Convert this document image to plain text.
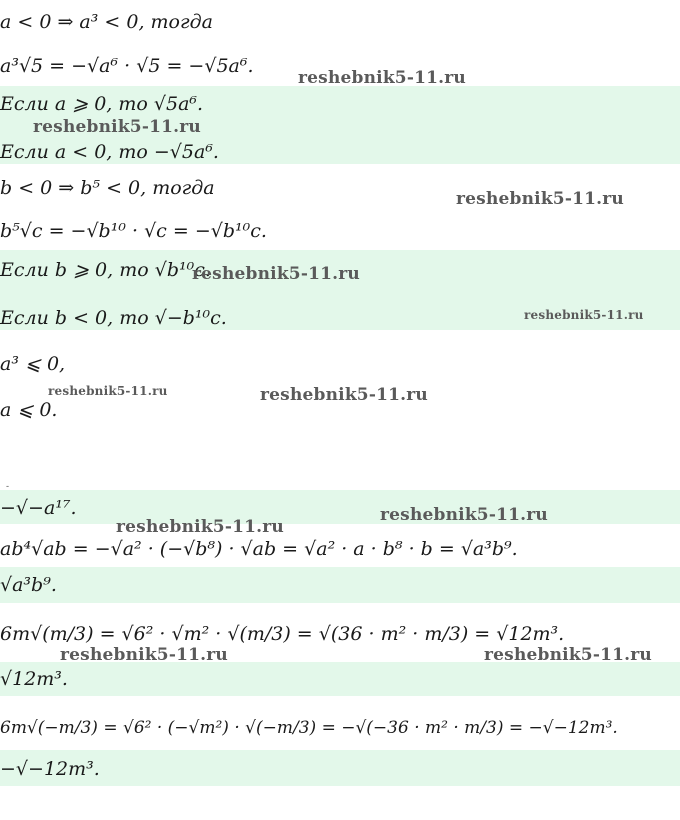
a < 0 ⇒ a³ < 0, тогда
a³√5 = −√a⁶ · √5 = −√5a⁶.
Если a ⩾ 0, то √5a⁶.
Если a < 0, то −√5a⁶.
b < 0 ⇒ b⁵ < 0, тогда
b⁵√c = −√b¹⁰ · √c = −√b¹⁰c.
Если b ⩾ 0, то √b¹⁰c.
Если b < 0, то √−b¹⁰c.
a³ ⩽ 0,
a ⩽ 0.
-
−√−a¹⁷.
ab⁴√ab = −√a² · (−√b⁸) · √ab = √a² · a · b⁸ · b = √a³b⁹.
√a³b⁹.
6m√(m/3) = √6² · √m² · √(m/3) = √(36 · m² · m/3) = √12m³.
√12m³.
6m√(−m/3) = √6² · (−√m²) · √(−m/3) = −√(−36 · m² · m/3) = −√−12m³.
−√−12m³.
reshebnik5-11.ru
reshebnik5-11.ru
reshebnik5-11.ru
reshebnik5-11.ru
reshebnik5-11.ru
reshebnik5-11.ru	reshebnik5-11.ru
reshebnik5-11.ru
reshebnik5-11.ru
reshebnik5-11.ru	reshebnik5-11.ru
